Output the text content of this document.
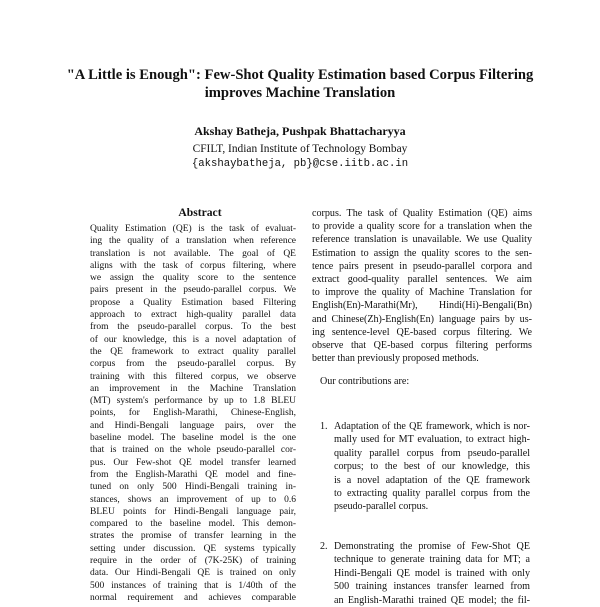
"A Little is Enough": Few-Shot Quality Estimation based Corpus Filtering
improves Machine Translation
Akshay Batheja, Pushpak Bhattacharyya
CFILT, Indian Institute of Technology Bombay
{akshaybatheja, pb}@cse.iitb.ac.in
Abstract
Quality Estimation (QE) is the task of evaluat-
ing the quality of a translation when reference
translation is not available. The goal of QE
aligns with the task of corpus filtering, where
we assign the quality score to the sentence
pairs present in the pseudo-parallel corpus. We
propose a Quality Estimation based Filtering
approach to extract high-quality parallel data
from the pseudo-parallel corpus. To the best
of our knowledge, this is a novel adaptation of
the QE framework to extract quality parallel
corpus from the pseudo-parallel corpus. By
training with this filtered corpus, we observe
an improvement in the Machine Translation
(MT) system's performance by up to 1.8 BLEU
points, for English-Marathi, Chinese-English,
and Hindi-Bengali language pairs, over the
baseline model. The baseline model is the one
that is trained on the whole pseudo-parallel cor-
pus. Our Few-shot QE model transfer learned
from the English-Marathi QE model and fine-
tuned on only 500 Hindi-Bengali training in-
stances, shows an improvement of up to 0.6
BLEU points for Hindi-Bengali language pair,
compared to the baseline model. This demon-
strates the promise of transfer learning in the
setting under discussion. QE systems typically
require in the order of (7K-25K) of training
data. Our Hindi-Bengali QE is trained on only
500 instances of training that is 1/40th of the
normal requirement and achieves comparable
corpus. The task of Quality Estimation (QE) aims
to provide a quality score for a translation when the
reference translation is unavailable. We use Quality
Estimation to assign the quality scores to the sen-
tence pairs present in pseudo-parallel corpora and
extract good-quality parallel sentences. We aim
to improve the quality of Machine Translation for
English(En)-Marathi(Mr), Hindi(Hi)-Bengali(Bn)
and Chinese(Zh)-English(En) language pairs by us-
ing sentence-level QE-based corpus filtering. We
observe that QE-based corpus filtering performs
better than previously proposed methods.
Our contributions are:
1. Adaptation of the QE framework, which is nor-
mally used for MT evaluation, to extract high-
quality parallel corpus from pseudo-parallel
corpus; to the best of our knowledge, this
is a novel adaptation of the QE framework
to extracting quality parallel corpus from the
pseudo-parallel corpus.
2. Demonstrating the promise of Few-Shot QE
technique to generate training data for MT; a
Hindi-Bengali QE model is trained with only
500 training instances transfer learned from
an English-Marathi trained QE model; the fil-
